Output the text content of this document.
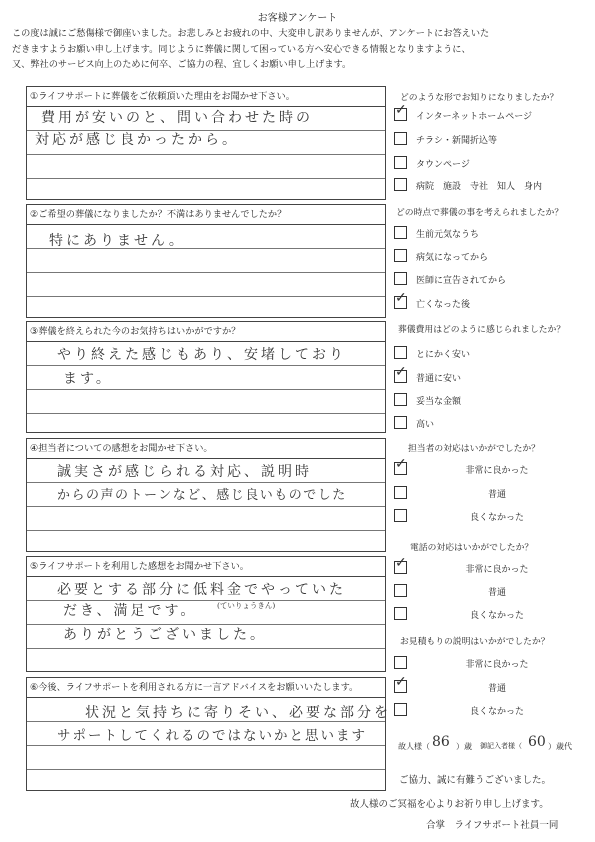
お客様アンケート
この度は誠にご愁傷様で御座いました。お悲しみとお疲れの中、大変申し訳ありませんが、アンケートにお答えいた
だきますようお願い申し上げます。同じように葬儀に関して困っている方へ安心できる情報となりますように、
又、弊社のサービス向上のために何卒、ご協力の程、宜しくお願い申し上げます。
①ライフサポートに葬儀をご依頼頂いた理由をお聞かせ下さい。
費用が安いのと、問い合わせた時の
対応が感じ良かったから。
②ご希望の葬儀になりましたか？不満はありませんでしたか？
特にありません。
③葬儀を終えられた今のお気持ちはいかがですか？
やり終えた感じもあり、安堵しており
ます。
④担当者についての感想をお聞かせ下さい。
誠実さが感じられる対応、説明時
からの声のトーンなど、感じ良いものでした
⑤ライフサポートを利用した感想をお聞かせ下さい。
必要とする部分に低料金でやっていた
だき、満足です。
ありがとうございました。
(ていりょうきん)
⑥今後、ライフサポートを利用される方に一言アドバイスをお願いいたします。
状況と気持ちに寄りそい、必要な部分を
サポートしてくれるのではないかと思います
どのような形でお知りになりましたか？
✓ インターネットホームページ
チラシ・新聞折込等
タウンページ
病院　施設　寺社　知人　身内
どの時点で葬儀の事を考えられましたか？
生前元気なうち
病気になってから
医師に宣告されてから
✓ 亡くなった後
葬儀費用はどのように感じられましたか？
とにかく安い
✓ 普通に安い
妥当な金額
高い
担当者の対応はいかがでしたか？
✓	非常に良かった
普通
良くなかった
電話の対応はいかがでしたか？
✓	非常に良かった
普通
良くなかった
お見積もりの説明はいかがでしたか？
非常に良かった
✓	普通
良くなかった
故人様（ 86 ）歳 御記入者様（ 60 ）歳代
ご協力、誠に有難うございました。
故人様のご冥福を心よりお祈り申し上げます。
合掌　ライフサポート社員一同
